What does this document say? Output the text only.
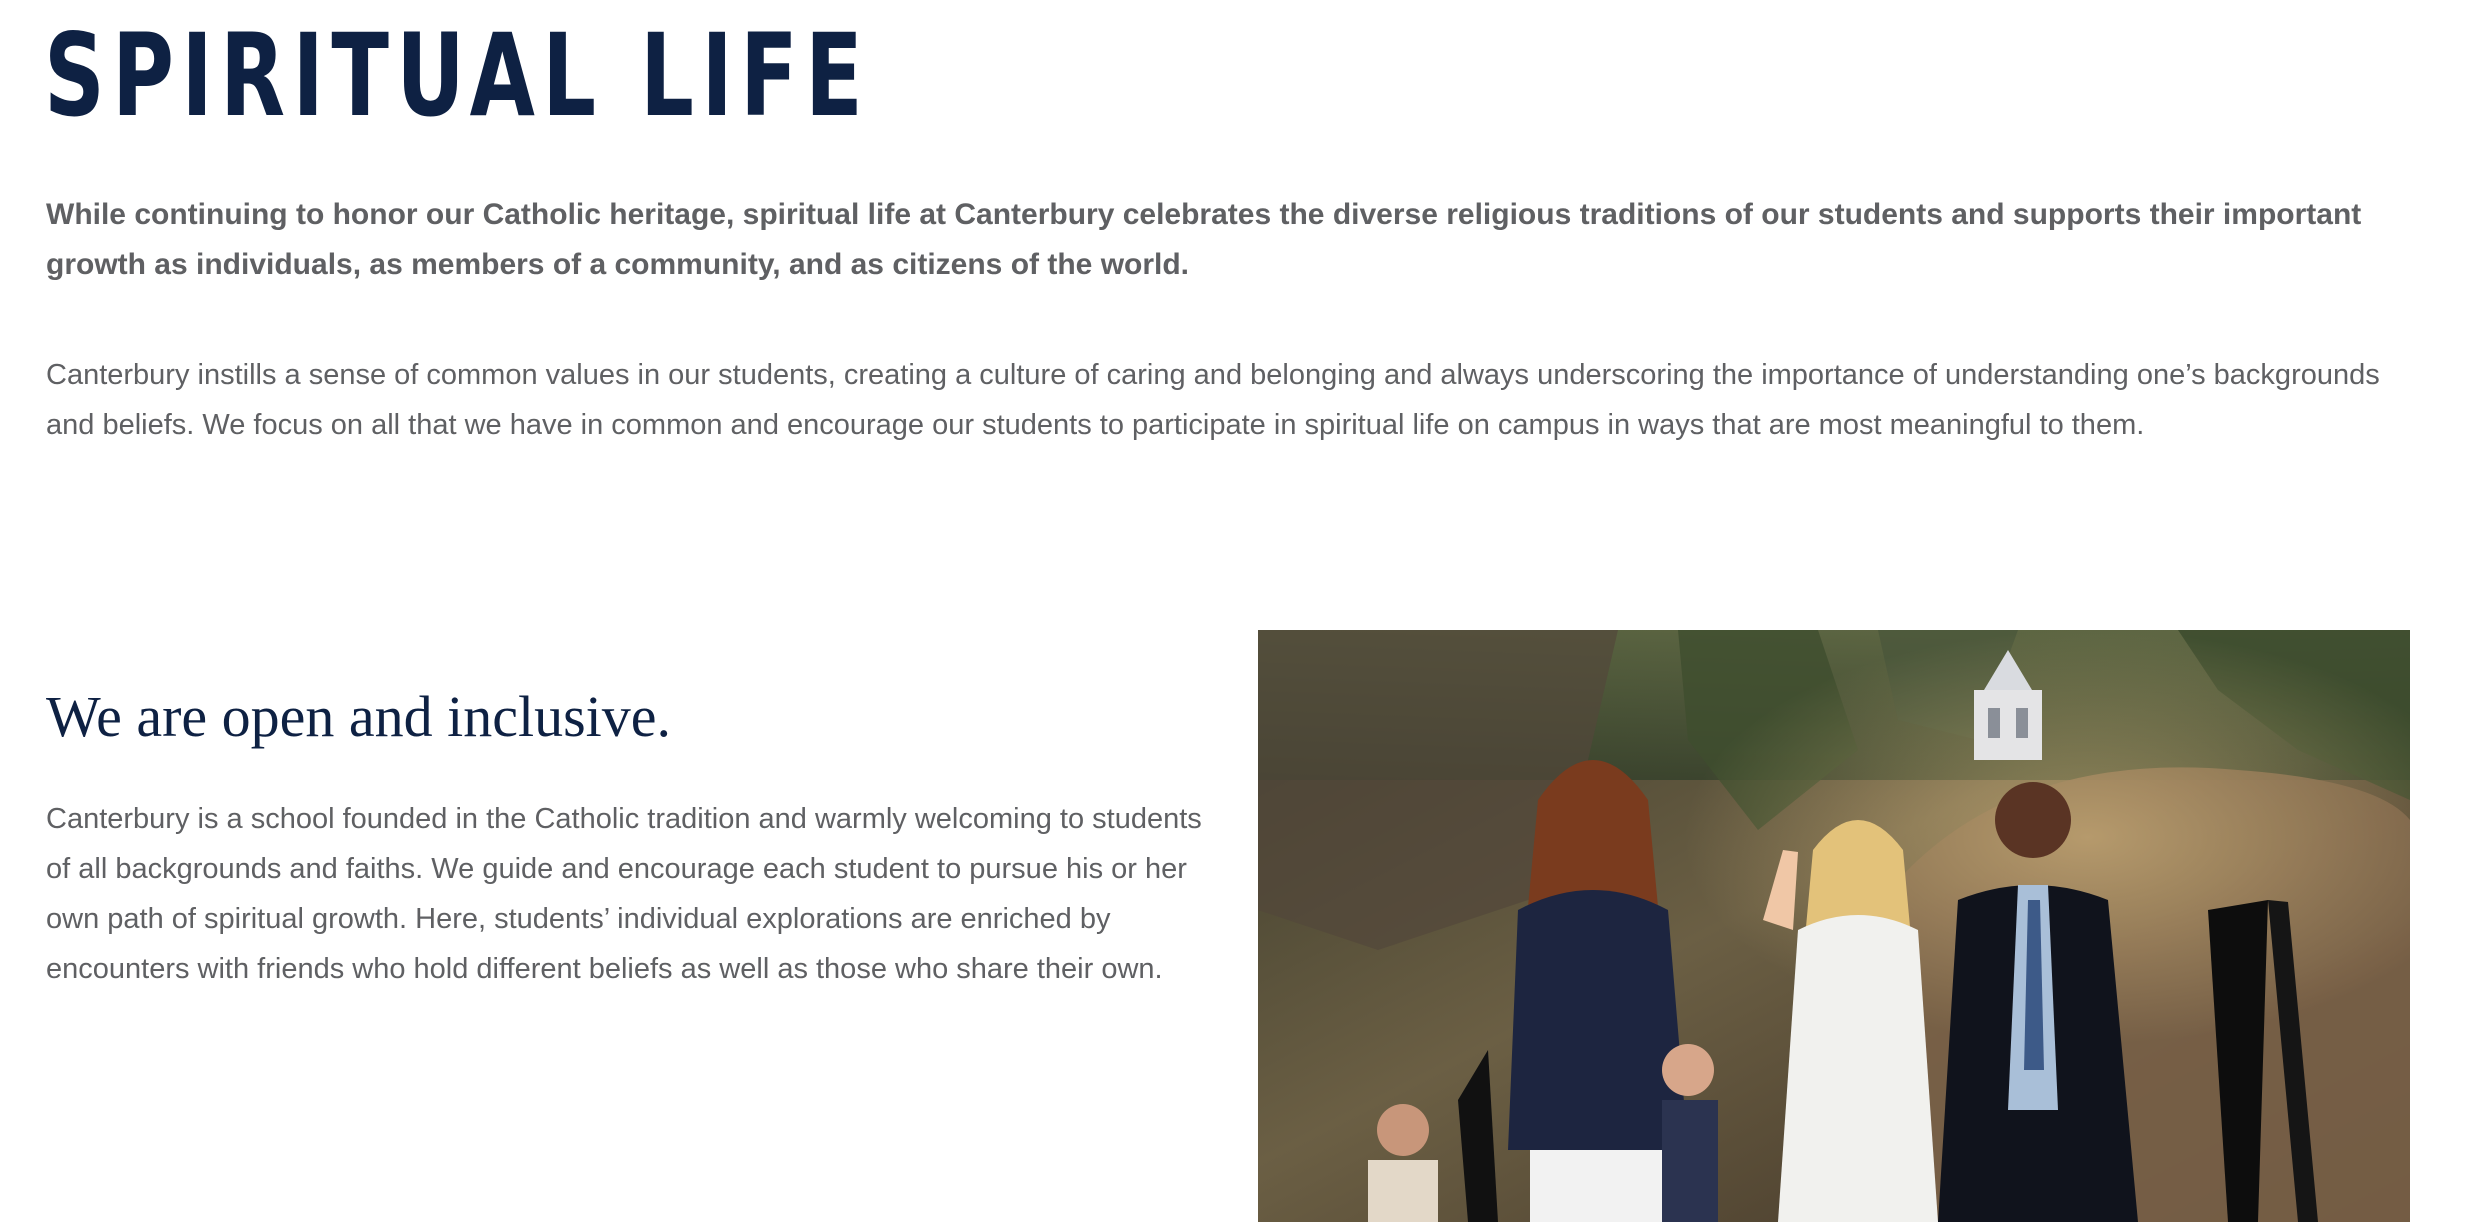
SPIRITUAL LIFE

While continuing to honor our Catholic heritage, spiritual life at Canterbury celebrates the diverse religious traditions of our students and supports their important growth as individuals, as members of a community, and as citizens of the world.

Canterbury instills a sense of common values in our students, creating a culture of caring and belonging and always underscoring the importance of understanding one’s backgrounds and beliefs. We focus on all that we have in common and encourage our students to participate in spiritual life on campus in ways that are most meaningful to them.

We are open and inclusive.

Canterbury is a school founded in the Catholic tradition and warmly welcoming to students of all backgrounds and faiths. We guide and encourage each student to pursue his or her own path of spiritual growth. Here, students’ individual explorations are enriched by encounters with friends who hold different beliefs as well as those who share their own.
